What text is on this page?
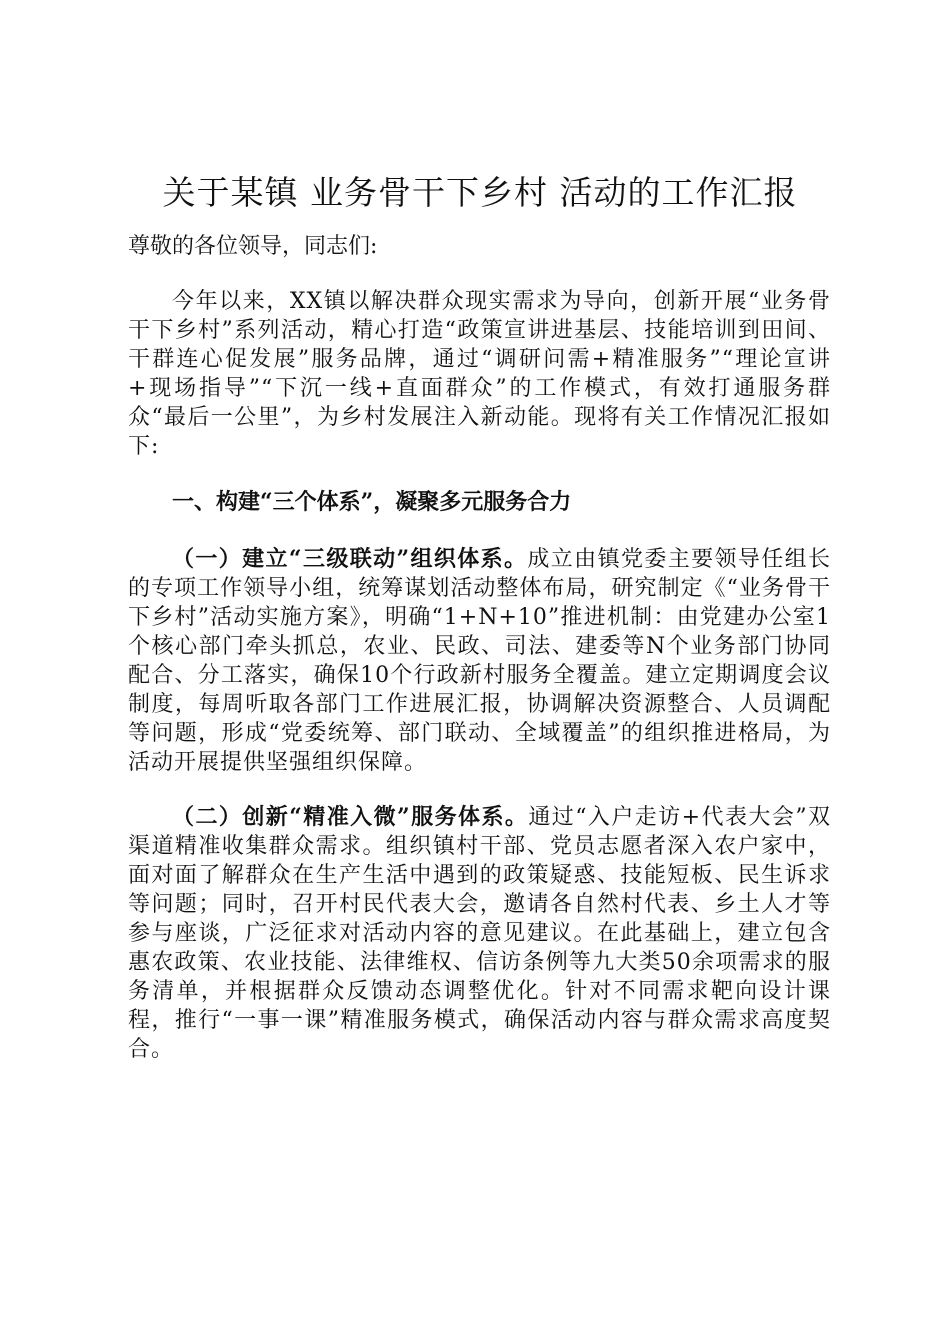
关于某镇 业务骨干下乡村 活动的工作汇报

尊敬的各位领导，同志们:

今年以来，XX镇以解决群众现实需求为导向，创新开展“业务骨干下乡村”系列活动，精心打造“政策宣讲进基层、技能培训到田间、干群连心促发展”服务品牌，通过“调研问需+精准服务”“理论宣讲+现场指导”“下沉一线+直面群众”的工作模式，有效打通服务群众“最后一公里”，为乡村发展注入新动能。现将有关工作情况汇报如下:

一、构建“三个体系”，凝聚多元服务合力

（一）建立“三级联动”组织体系。成立由镇党委主要领导任组长的专项工作领导小组，统筹谋划活动整体布局，研究制定《“业务骨干下乡村”活动实施方案》，明确“1+N+10”推进机制：由党建办公室1个核心部门牵头抓总，农业、民政、司法、建委等N个业务部门协同配合、分工落实，确保10个行政新村服务全覆盖。建立定期调度会议制度，每周听取各部门工作进展汇报，协调解决资源整合、人员调配等问题，形成“党委统筹、部门联动、全域覆盖”的组织推进格局，为活动开展提供坚强组织保障。

（二）创新“精准入微”服务体系。通过“入户走访+代表大会”双渠道精准收集群众需求。组织镇村干部、党员志愿者深入农户家中，面对面了解群众在生产生活中遇到的政策疑惑、技能短板、民生诉求等问题；同时，召开村民代表大会，邀请各自然村代表、乡土人才等参与座谈，广泛征求对活动内容的意见建议。在此基础上，建立包含惠农政策、农业技能、法律维权、信访条例等九大类50余项需求的服务清单，并根据群众反馈动态调整优化。针对不同需求靶向设计课程，推行“一事一课”精准服务模式，确保活动内容与群众需求高度契合。
